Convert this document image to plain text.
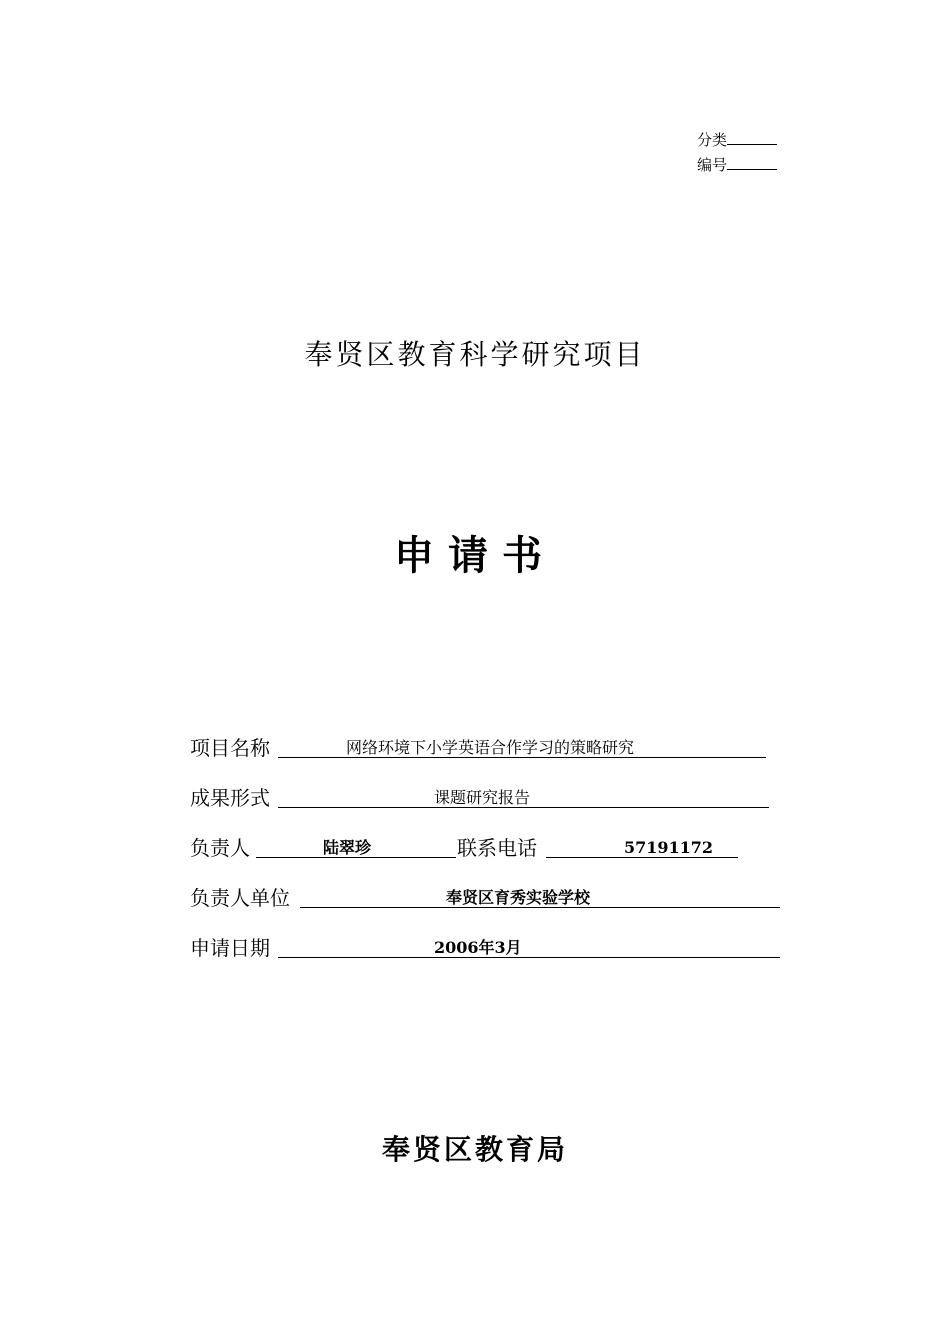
分类
编号
奉贤区教育科学研究项目
申请书
项目名称	网络环境下小学英语合作学习的策略研究
成果形式	课题研究报告
负责人	陆翠珍	联系电话	57191172
负责人单位	奉贤区育秀实验学校
申请日期	2006年3月
奉贤区教育局
